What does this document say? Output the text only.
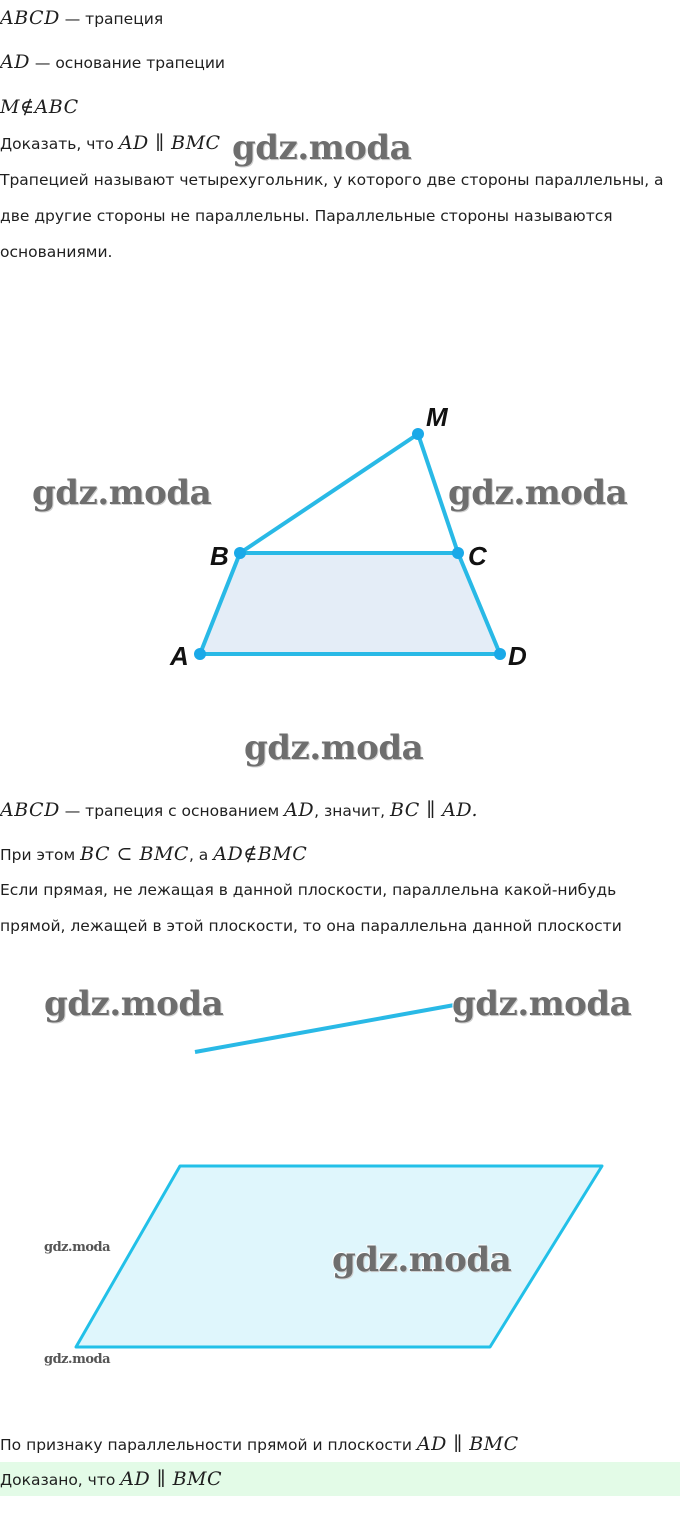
ABCD — трапеция
AD — основание трапеции
M∉ABC
Доказать, что AD ∥ BMC gdz.moda
Трапецией называют четырехугольник, у которого две стороны параллельны, а две другие стороны не параллельны. Параллельные стороны называются основаниями.
A
B	C
D
M
gdz.moda	gdz.moda
gdz.moda
ABCD — трапеция с основанием AD, значит, BC ∥ AD.
При этом BC ⊂ BMC, а AD∉BMC
Если прямая, не лежащая в данной плоскости, параллельна какой-нибудь прямой, лежащей в этой плоскости, то она параллельна данной плоскости
gdz.moda	gdz.moda
gdz.moda
gdz.moda
gdz.moda
По признаку параллельности прямой и плоскости AD ∥ BMC
Доказано, что AD ∥ BMC
